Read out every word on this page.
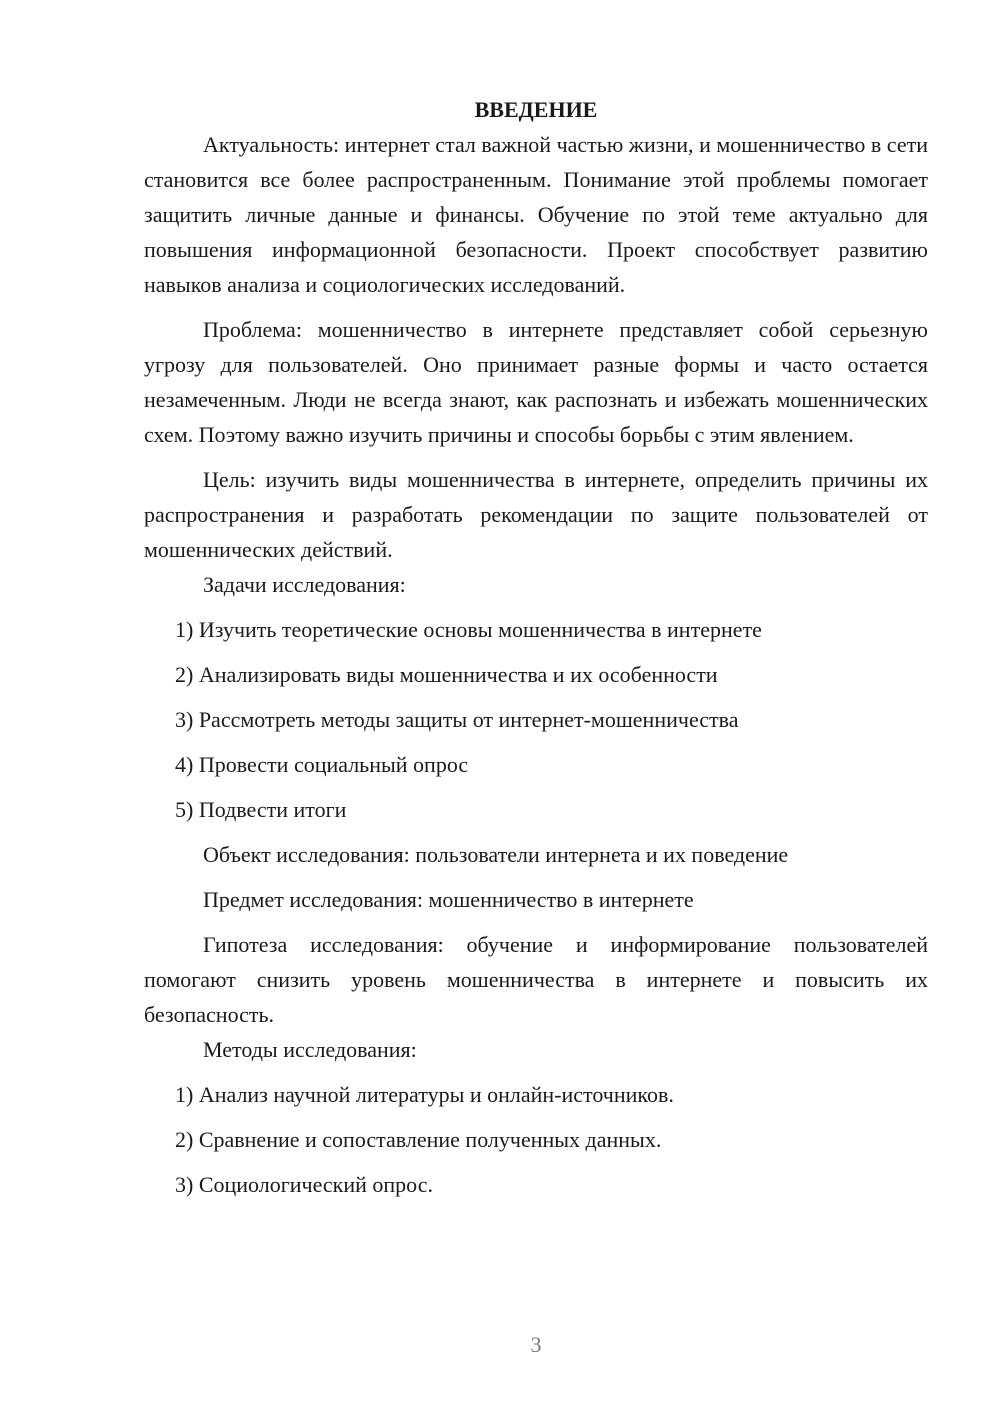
ВВЕДЕНИЕ

Актуальность: интернет стал важной частью жизни, и мошенничество в сети становится все более распространенным. Понимание этой проблемы помогает защитить личные данные и финансы. Обучение по этой теме актуально для повышения информационной безопасности. Проект способствует развитию навыков анализа и социологических исследований.

Проблема: мошенничество в интернете представляет собой серьезную угрозу для пользователей. Оно принимает разные формы и часто остается незамеченным. Люди не всегда знают, как распознать и избежать мошеннических схем. Поэтому важно изучить причины и способы борьбы с этим явлением.

Цель: изучить виды мошенничества в интернете, определить причины их распространения и разработать рекомендации по защите пользователей от мошеннических действий.

Задачи исследования:

1) Изучить теоретические основы мошенничества в интернете

2) Анализировать виды мошенничества и их особенности

3) Рассмотреть методы защиты от интернет-мошенничества

4) Провести социальный опрос

5) Подвести итоги

Объект исследования: пользователи интернета и их поведение

Предмет исследования: мошенничество в интернете

Гипотеза исследования: обучение и информирование пользователей помогают снизить уровень мошенничества в интернете и повысить их безопасность.

Методы исследования:

1) Анализ научной литературы и онлайн-источников.

2) Сравнение и сопоставление полученных данных.

3) Социологический опрос.

3
